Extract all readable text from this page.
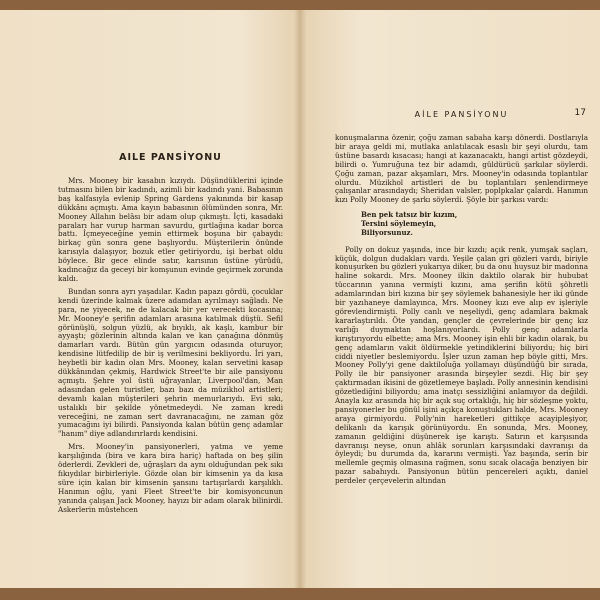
AILE PANSİYONU

Mrs. Mooney bir kasabın kızıydı. Düşündüklerini içinde tutmasını bilen bir kadındı, azimli bir kadındı yani. Babasının baş kalfasıyla evlenip Spring Gardens yakınında bir kasap dükkânı açmıştı. Ama kayın babasının ölümünden sonra, Mr. Mooney Allahın belâsı bir adam olup çıkmıştı. İçti, kasadaki paraları har vurup harman savurdu, gırtlağına kadar borca battı. İçmeyeceğine yemin ettirmek boşuna bir çabaydı: birkaç gün sonra gene başlıyordu. Müşterilerin önünde karısıyla dalaşıyor, bozuk etler getiriyordu, işi berbat oldu böylece. Bir gece elinde satır, karısının üstüne yürüdü, kadıncağız da geceyi bir komşunun evinde geçirmek zorunda kaldı.

Bundan sonra ayrı yaşadılar. Kadın papazı gördü, çocuklar kendi üzerinde kalmak üzere adamdan ayrılmayı sağladı. Ne para, ne yiyecek, ne de kalacak bir yer verecekti kocasına; Mr. Mooney'e şerifin adamları arasına katılmak düştü. Sefil görünüşlü, solgun yüzlü, ak bıyıklı, ak kaşlı, kambur bir ayyaştı; gözlerinin altında kalan ve kan çanağına dönmüş damarları vardı. Bütün gün yargıcın odasında oturuyor, kendisine lütfedilip de bir iş verilmesini bekliyordu. İri yarı, heybetli bir kadın olan Mrs. Mooney, kalan servetini kasap dükkânından çekmiş, Hardwick Street'te bir aile pansiyonu açmıştı. Şehre yol üstü uğrayanlar, Liverpool'dan, Man adasından gelen turistler, bazı bazı da müzikhol artistleri; devamlı kalan müşterileri şehrin memurlarıydı. Evi sıkı, ustalıklı bir şekilde yönetmedeydi. Ne zaman kredi vereceğini, ne zaman sert davranacağını, ne zaman göz yumacağını iyi bilirdi. Pansiyonda kalan bütün genç adamlar "hanım" diye adlandırırlardı kendisini.

Mrs. Mooney'in pansiyonerleri, yatma ve yeme karşılığında (bira ve kara bira hariç) haftada on beş şilin öderlerdi. Zevkleri de, uğraşları da aynı olduğundan pek sıkı fıkıydılar birbirleriyle. Gözde olan bir kimsenin ya da kısa süre için kalan bir kimsenin şansını tartışırlardı karşılıklı. Hanımın oğlu, yani Fleet Street'te bir komisyoncunun yanında çalışan Jack Mooney, hayızı bir adam olarak bilinirdi. Askerlerin müstehcen

AİLE PANSİYONU	17

konuşmalarına özenir, çoğu zaman sabaha karşı dönerdi. Dostlarıyla bir araya geldi mi, mutlaka anlatılacak esaslı bir şeyi olurdu, tam üstüne basardı kısacası; hangi at kazanacaktı, hangi artist gözdeydi, bilirdi o. Yumruğuna tez bir adamdı, güldürücü şarkılar söylerdi. Çoğu zaman, pazar akşamları, Mrs. Mooney'in odasında toplantılar olurdu. Müzikhol artistleri de bu toplantıları şenlendirmeye çalışanlar arasındaydı; Sheridan valsler, poplpkalar çalardı. Hanımın kızı Polly Mooney de şarkı söylerdi. Şöyle bir şarkısı vardı:

Ben pek tatsız bir kızım,
Tersini söylemeyin,
Biliyorsunuz.

Polly on dokuz yaşında, ince bir kızdı; açık renk, yumşak saçları, küçük, dolgun dudakları vardı. Yeşile çalan gri gözleri vardı, biriyle konuşurken bu gözleri yukarıya diker, bu da onu huysuz bir madonna haline sokardı. Mrs. Mooney ilkin daktilo olarak bir hububat tüccarının yanına vermişti kızını, ama şerifin kötü şöhretli adamlarından biri kızına bir şey söylemek bahanesiyle her iki günde bir yazıhaneye damlayınca, Mrs. Mooney kızı eve alıp ev işleriyle görevlendirmişti. Polly canlı ve neşeliydi, genç adamlara bakmak kararlaştırıldı. Öte yandan, gençler de çevrelerinde bir genç kız varlığı duymaktan hoşlanıyorlardı. Polly genç adamlarla kırıştırıyordu elbette; ama Mrs. Mooney işin ehli bir kadın olarak, bu genç adamların vakit öldürmekle yetindiklerini biliyordu; hiç biri ciddi niyetler beslemiyordu. İşler uzun zaman hep böyle gitti, Mrs. Mooney Polly'yi gene daktiloluğa yollamayı düşündüğü bir sırada, Polly ile bir pansiyoner arasında birşeyler sezdi. Hiç bir şey çaktırmadan ikisini de gözetlemeye başladı. Polly annesinin kendisini gözetlediğini biliyordu; ama inatçı sessizliğini anlamıyor da değildi. Anayla kız arasında hiç bir açık suç ortaklığı, hiç bir sözleşme yoktu, pansiyonerler bu gönül işini açıkça konuştukları halde, Mrs. Mooney araya girmiyordu. Polly'nin hareketleri gittikçe acayipleşiyor, delikanlı da karışık görünüyordu. En sonunda, Mrs. Mooney, zamanın geldiğini düşünerek işe karıştı. Satırın et karşısında davranışı neyse, onun ahlâk sorunları karşısındaki davranışı da öyleydi; bu durumda da, kararını vermişti. Yaz başında, serin bir mellemle geçmiş olmasına rağmen, sonu sıcak olacağa benziyen bir pazar sabahıydı. Pansiyonun bütün pencereleri açıktı, daniel perdeler çerçevelerin altından
